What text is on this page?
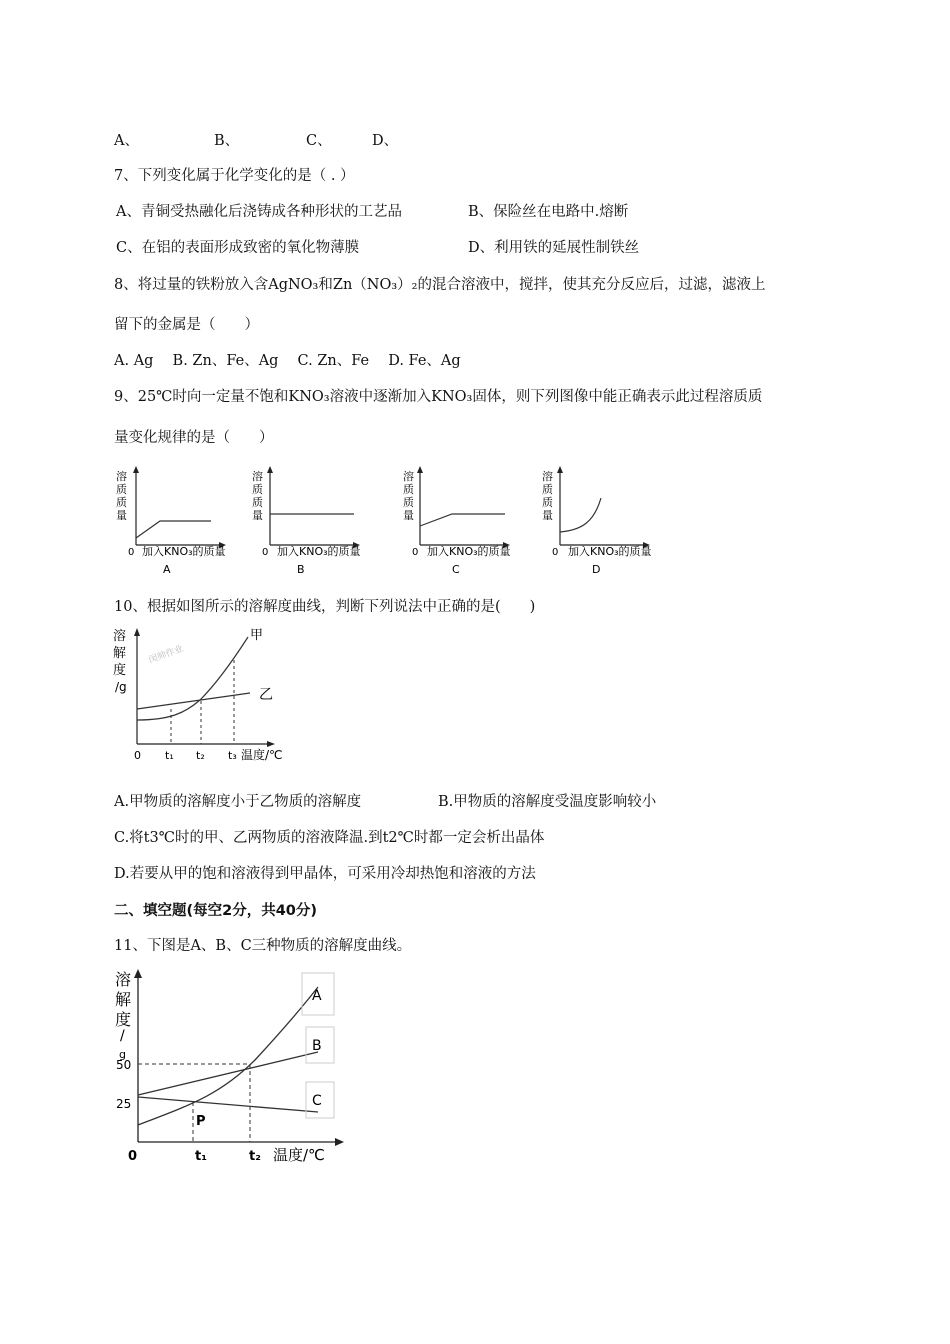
A、	B、	C、	D、
7、下列变化属于化学变化的是（ . ）
A、青铜受热融化后浇铸成各种形状的工艺品	B、保险丝在电路中.熔断
C、在铝的表面形成致密的氧化物薄膜	D、利用铁的延展性制铁丝
8、将过量的铁粉放入含AgNO₃和Zn（NO₃）₂的混合溶液中，搅拌，使其充分反应后，过滤，滤液上
留下的金属是（　　）
A. Ag　 B. Zn、Fe、Ag　 C. Zn、Fe　 D. Fe、Ag
9、25℃时向一定量不饱和KNO₃溶液中逐渐加入KNO₃固体，则下列图像中能正确表示此过程溶质质
量变化规律的是（　　）
溶
质
质
量
0 加入KNO₃的质量
A
溶
质
质
量
0 加入KNO₃的质量
B
溶
质
质
量
0 加入KNO₃的质量
C
溶
质
质
量
0 加入KNO₃的质量
D
10、根据如图所示的溶解度曲线，判断下列说法中正确的是(　　)
溶
解
度
/g
闵帅作业
甲
乙
0 t₁ t₂ t₃ 温度/℃
A.甲物质的溶解度小于乙物质的溶解度	B.甲物质的溶解度受温度影响较小
C.将t3℃时的甲、乙两物质的溶液降温.到t2℃时都一定会析出晶体
D.若要从甲的饱和溶液得到甲晶体，可采用冷却热饱和溶液的方法
二、填空题(每空2分，共40分)
11、下图是A、B、C三种物质的溶解度曲线。
溶
解
度
/
g
50
25
A
B
C
P
0	t₁	t₂ 温度/℃
